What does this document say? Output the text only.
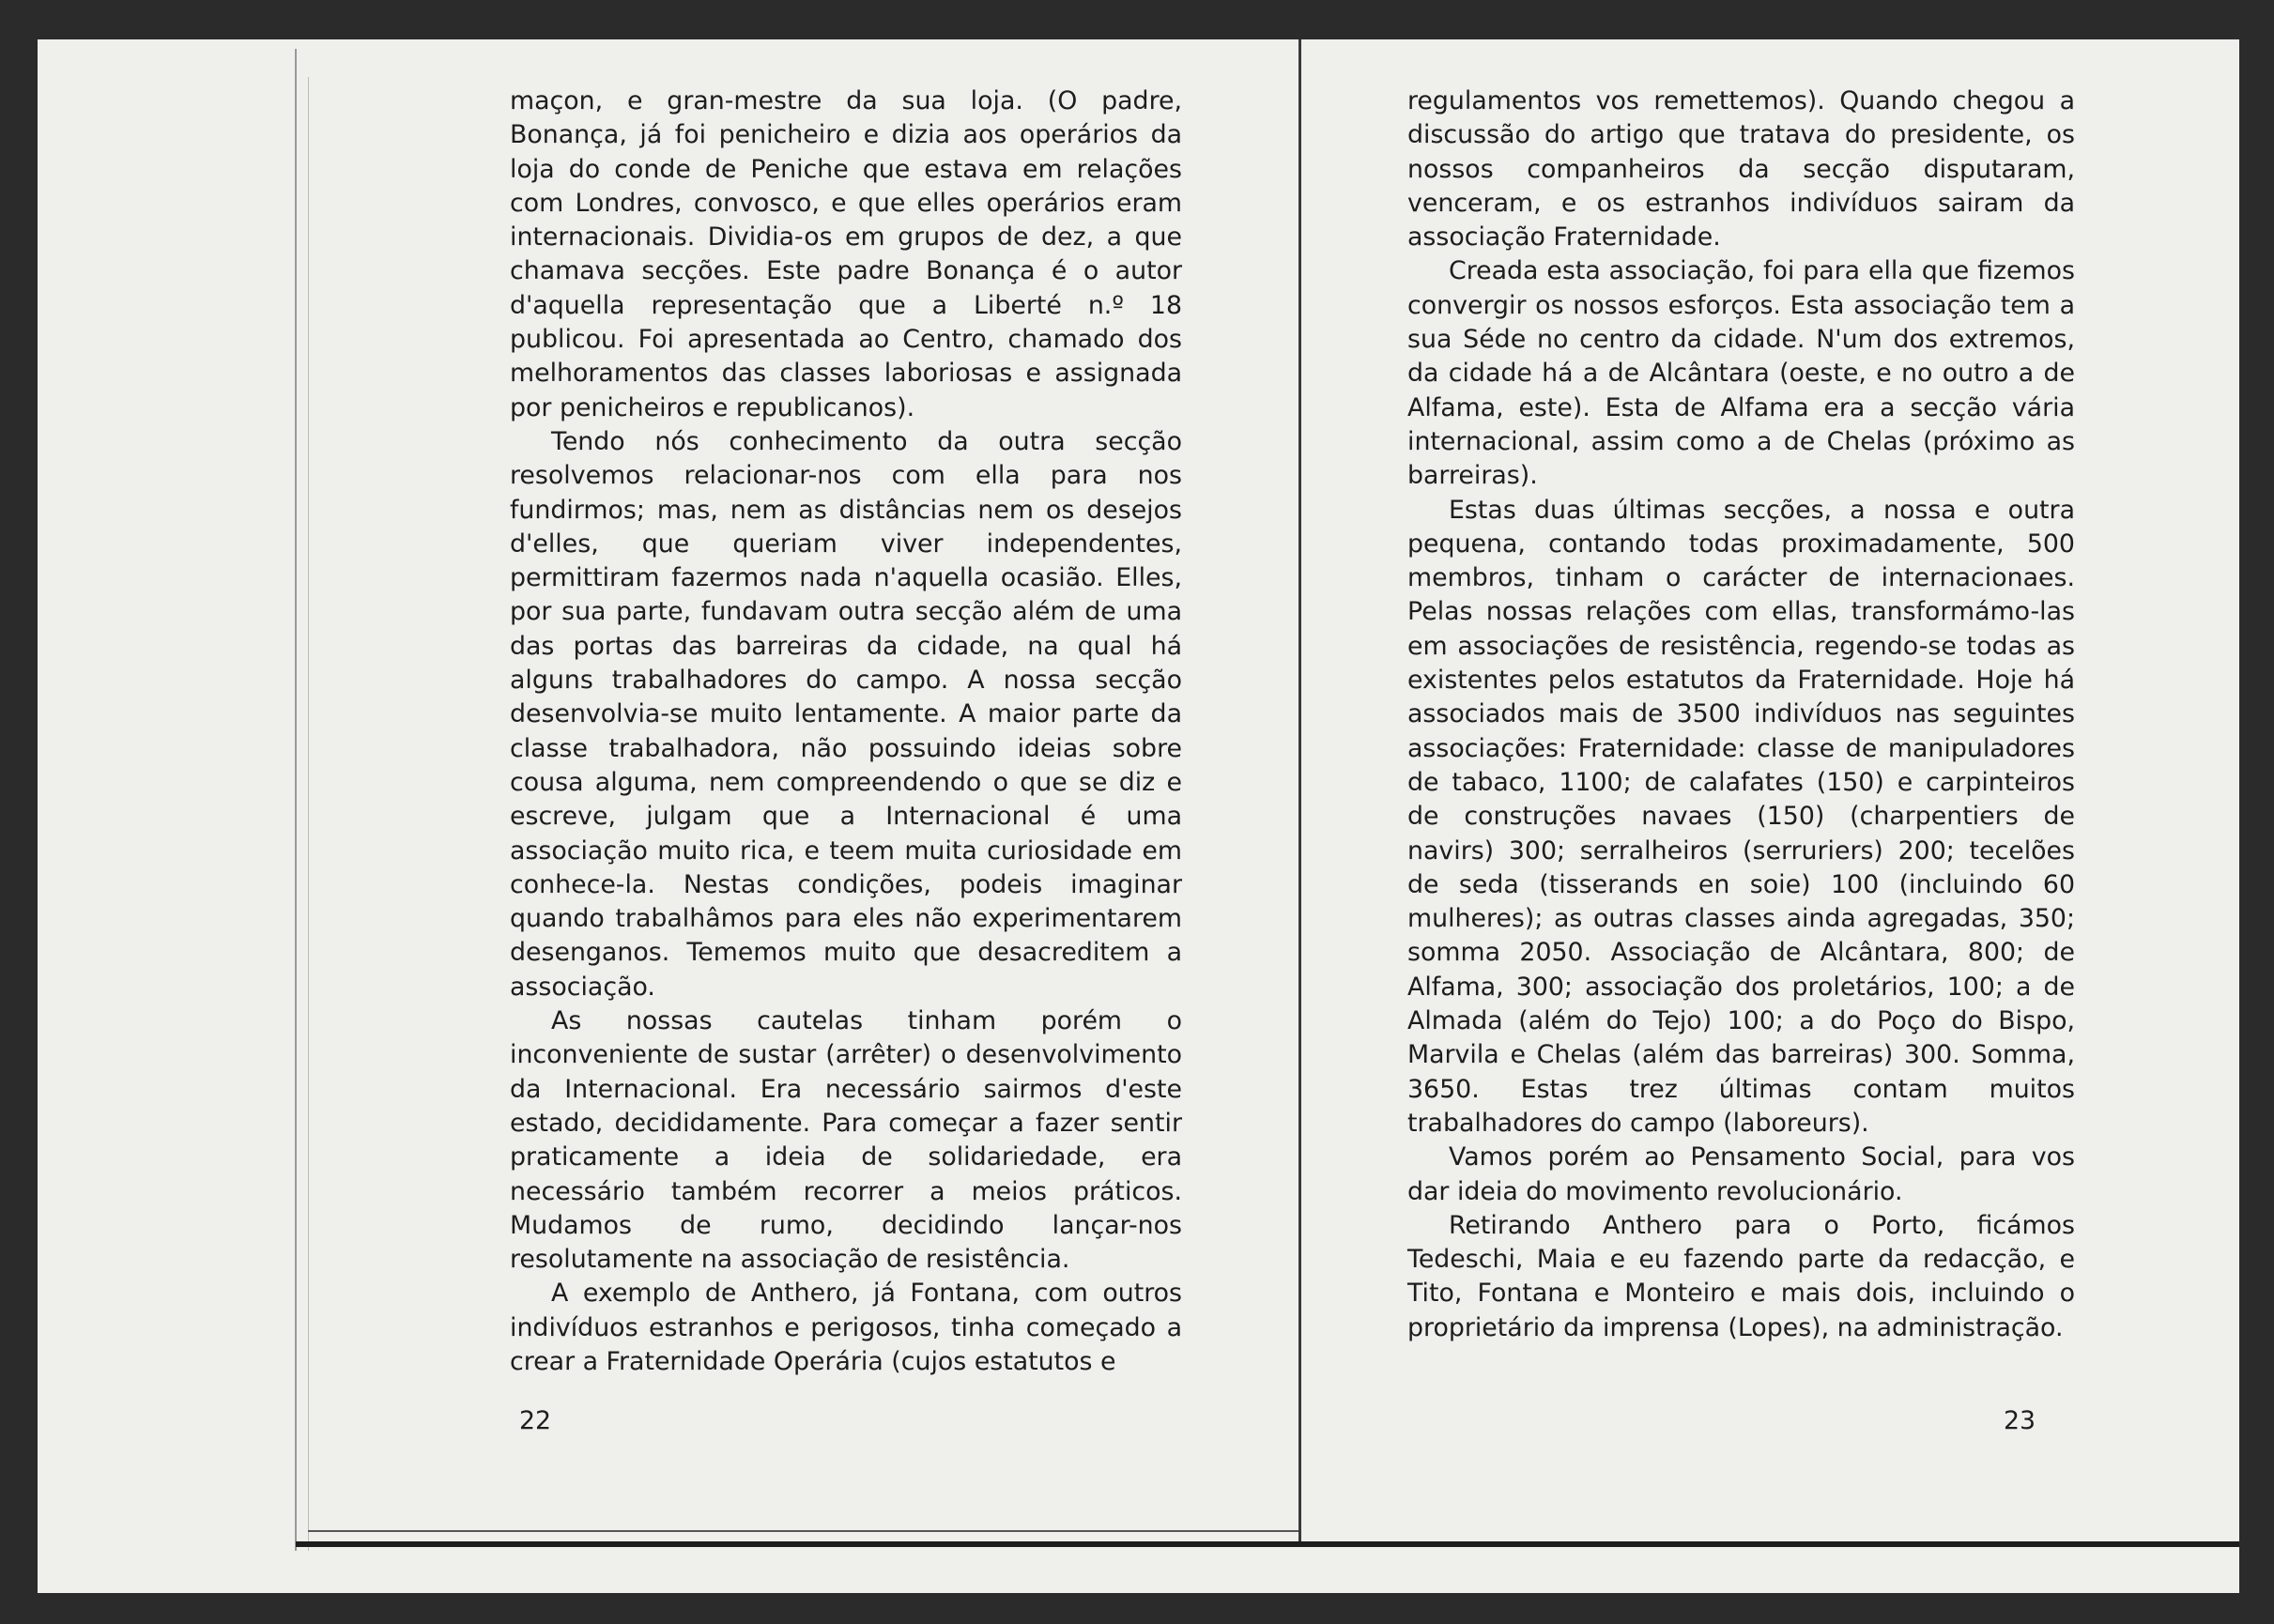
maçon, e gran-mestre da sua loja. (O padre, Bonança, já foi penicheiro e dizia aos operários da loja do conde de Peniche que estava em relações com Londres, convosco, e que elles operários eram internacionais. Dividia-os em grupos de dez, a que chamava secções. Este padre Bonança é o autor d'aquella representação que a Liberté n.º 18 publicou. Foi apresentada ao Centro, chamado dos melhoramentos das classes laboriosas e assignada por penicheiros e republicanos).

Tendo nós conhecimento da outra secção resolvemos relacionar-nos com ella para nos fundirmos; mas, nem as distâncias nem os desejos d'elles, que queriam viver independentes, permittiram fazermos nada n'aquella ocasião. Elles, por sua parte, fundavam outra secção além de uma das portas das barreiras da cidade, na qual há alguns trabalhadores do campo. A nossa secção desenvolvia-se muito lentamente. A maior parte da classe trabalhadora, não possuindo ideias sobre cousa alguma, nem compreendendo o que se diz e escreve, julgam que a Internacional é uma associação muito rica, e teem muita curiosidade em conhece-la. Nestas condições, podeis imaginar quando trabalhâmos para eles não experimentarem desenganos. Tememos muito que desacreditem a associação.

As nossas cautelas tinham porém o inconveniente de sustar (arrêter) o desenvolvimento da Internacional. Era necessário sairmos d'este estado, decididamente. Para começar a fazer sentir praticamente a ideia de solidariedade, era necessário também recorrer a meios práticos. Mudamos de rumo, decidindo lançar-nos resolutamente na associação de resistência.

A exemplo de Anthero, já Fontana, com outros indivíduos estranhos e perigosos, tinha começado a crear a Fraternidade Operária (cujos estatutos e

22

regulamentos vos remettemos). Quando chegou a discussão do artigo que tratava do presidente, os nossos companheiros da secção disputaram, venceram, e os estranhos indivíduos sairam da associação Fraternidade.

Creada esta associação, foi para ella que fizemos convergir os nossos esforços. Esta associação tem a sua Séde no centro da cidade. N'um dos extremos, da cidade há a de Alcântara (oeste, e no outro a de Alfama, este). Esta de Alfama era a secção vária internacional, assim como a de Chelas (próximo as barreiras).

Estas duas últimas secções, a nossa e outra pequena, contando todas proximadamente, 500 membros, tinham o carácter de internacionaes. Pelas nossas relações com ellas, transformámo-las em associações de resistência, regendo-se todas as existentes pelos estatutos da Fraternidade. Hoje há associados mais de 3500 indivíduos nas seguintes associações: Fraternidade: classe de manipuladores de tabaco, 1100; de calafates (150) e carpinteiros de construções navaes (150) (charpentiers de navirs) 300; serralheiros (serruriers) 200; tecelões de seda (tisserands en soie) 100 (incluindo 60 mulheres); as outras classes ainda agregadas, 350; somma 2050. Associação de Alcântara, 800; de Alfama, 300; associação dos proletários, 100; a de Almada (além do Tejo) 100; a do Poço do Bispo, Marvila e Chelas (além das barreiras) 300. Somma, 3650. Estas trez últimas contam muitos trabalhadores do campo (laboreurs).

Vamos porém ao Pensamento Social, para vos dar ideia do movimento revolucionário.

Retirando Anthero para o Porto, ficámos Tedeschi, Maia e eu fazendo parte da redacção, e Tito, Fontana e Monteiro e mais dois, incluindo o proprietário da imprensa (Lopes), na administração.

23
